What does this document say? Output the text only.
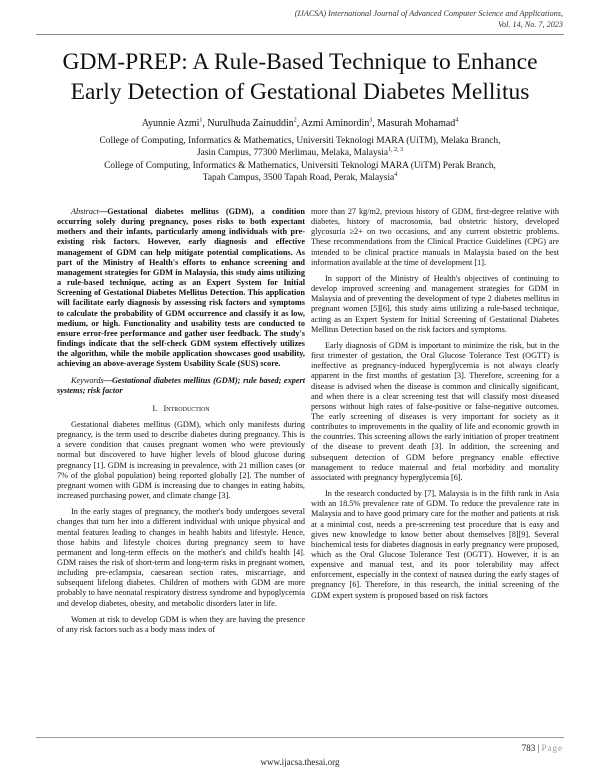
(IJACSA) International Journal of Advanced Computer Science and Applications,
Vol. 14, No. 7, 2023
GDM-PREP: A Rule-Based Technique to Enhance
Early Detection of Gestational Diabetes Mellitus
Ayunnie Azmi$^1$, Nurulhuda Zainuddin$^2$, Azmi Aminordin$^3$, Masurah Mohamad$^4$
College of Computing, Informatics & Mathematics, Universiti Teknologi MARA (UiTM), Melaka Branch,
Jasin Campus, 77300 Merlimau, Melaka, Malaysia$^{1, 2, 3}$
College of Computing, Informatics & Mathematics, Universiti Teknologi MARA (UiTM) Perak Branch,
Tapah Campus, 3500 Tapah Road, Perak, Malaysia$^4$

Abstract—Gestational diabetes mellitus (GDM), a condition occurring solely during pregnancy, poses risks to both expectant mothers and their infants, particularly among individuals with pre-existing risk factors. However, early diagnosis and effective management of GDM can help mitigate potential complications. As part of the Ministry of Health's efforts to enhance screening and management strategies for GDM in Malaysia, this study aims utilizing a rule-based technique, acting as an Expert System for Initial Screening of Gestational Diabetes Mellitus Detection. This application will facilitate early diagnosis by assessing risk factors and symptoms to calculate the probability of GDM occurrence and classify it as low, medium, or high. Functionality and usability tests are conducted to ensure error-free performance and gather user feedback. The study's findings indicate that the self-check GDM system effectively utilizes the algorithm, while the mobile application showcases good usability, achieving an above-average System Usability Scale (SUS) score.

Keywords—Gestational diabetes mellitus (GDM); rule based; expert systems; risk factor

I. Introduction

Gestational diabetes mellitus (GDM), which only manifests during pregnancy, is the term used to describe diabetes during pregnancy. This is a severe condition that causes pregnant women who were previously normal but discovered to have higher levels of blood glucose during pregnancy [1]. GDM is increasing in prevalence, with 21 million cases (or 7% of the global population) being reported globally [2]. The number of pregnant women with GDM is increasing due to changes in eating habits, increased purchasing power, and climate change [3].

In the early stages of pregnancy, the mother's body undergoes several changes that turn her into a different individual with unique physical and mental features leading to changes in health habits and lifestyle. Hence, those habits and lifestyle choices during pregnancy seem to have permanent and long-term effects on the mother's and child's health [4]. GDM raises the risk of short-term and long-term risks in pregnant women, including pre-eclampsia, caesarean section rates, miscarriage, and subsequent lifelong diabetes. Children of mothers with GDM are more probably to have neonatal respiratory distress syndrome and hypoglycemia and develop diabetes, obesity, and metabolic disorders later in life.

Women at risk to develop GDM is when they are having the presence of any risk factors such as a body mass index of

more than 27 kg/m2, previous history of GDM, first-degree relative with diabetes, history of macrosomia, bad obstetric history, developed glycosuria ≥2+ on two occasions, and any current obstetric problems. These recommendations from the Clinical Practice Guidelines (CPG) are intended to be clinical practice manuals in Malaysia based on the best information available at the time of development [1].

In support of the Ministry of Health's objectives of continuing to develop improved screening and management strategies for GDM in Malaysia and of preventing the development of type 2 diabetes mellitus in pregnant women [5][6], this study aims utilizing a rule-based technique, acting as an Expert System for Initial Screening of Gestational Diabetes Mellitus Detection based on the risk factors and symptoms.

Early diagnosis of GDM is important to minimize the risk, but in the first trimester of gestation, the Oral Glucose Tolerance Test (OGTT) is ineffective as pregnancy-induced hyperglycemia is not always clearly apparent in the first months of gestation [3]. Therefore, screening for a disease is advised when the disease is common and clinically significant, and when there is a clear screening test that will classify most diseased persons without high rates of false-positive or false-negative outcomes. The early screening of diseases is very important for society as it contributes to improvements in the quality of life and economic growth in the countries. This screening allows the early initiation of proper treatment of the disease to prevent death [3]. In addition, the screening and subsequent detection of GDM before pregnancy enable effective management to reduce maternal and fetal morbidity and mortality associated with pregnancy hyperglycemia [6].

In the research conducted by [7], Malaysia is in the fifth rank in Asia with an 18.5% prevalence rate of GDM. To reduce the prevalence rate in Malaysia and to have good primary care for the mother and patients at risk at a minimal cost, needs a pre-screening test procedure that is easy and gives new knowledge to know better about themselves [8][9]. Several biochemical tests for diabetes diagnosis in early pregnancy were proposed, which as the Oral Glucose Tolerance Test (OGTT). However, it is an expensive and manual test, and its poor tolerability may affect enforcement, especially in the context of nausea during the early stages of pregnancy [6]. Therefore, in this research, the initial screening of the GDM expert system is proposed based on risk factors

783 | Page
www.ijacsa.thesai.org
